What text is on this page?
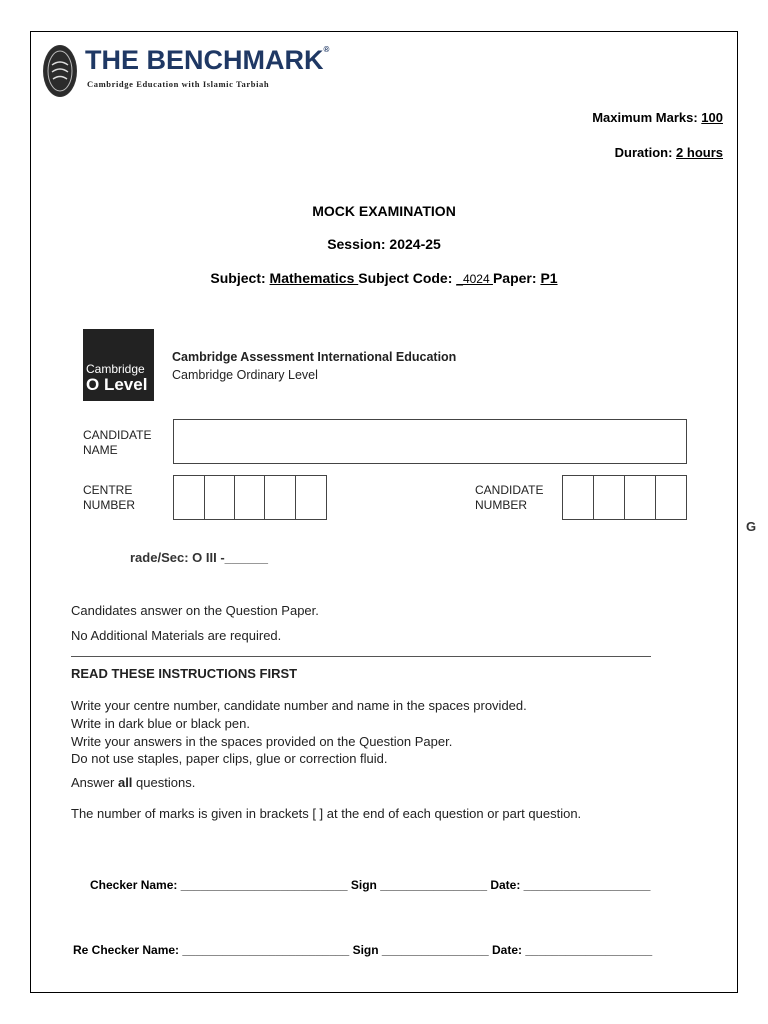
THE BENCHMARK®
Cambridge Education with Islamic Tarbiah
Maximum Marks: 100
Duration: 2 hours
MOCK EXAMINATION
Session: 2024-25
Subject: Mathematics Subject Code: _4024 Paper: P1
Cambridge
O Level
Cambridge Assessment International Education
Cambridge Ordinary Level
CANDIDATE
NAME
CENTRE
NUMBER
CANDIDATE
NUMBER
rade/Sec: O III -______
Candidates answer on the Question Paper.
No Additional Materials are required.
READ THESE INSTRUCTIONS FIRST
Write your centre number, candidate number and name in the spaces provided.
Write in dark blue or black pen.
Write your answers in the spaces provided on the Question Paper.
Do not use staples, paper clips, glue or correction fluid.
Answer all questions.
The number of marks is given in brackets [ ] at the end of each question or part question.
Checker Name: _________________________ Sign ________________ Date: ___________________
Re Checker Name: _________________________ Sign ________________ Date: ___________________
G
